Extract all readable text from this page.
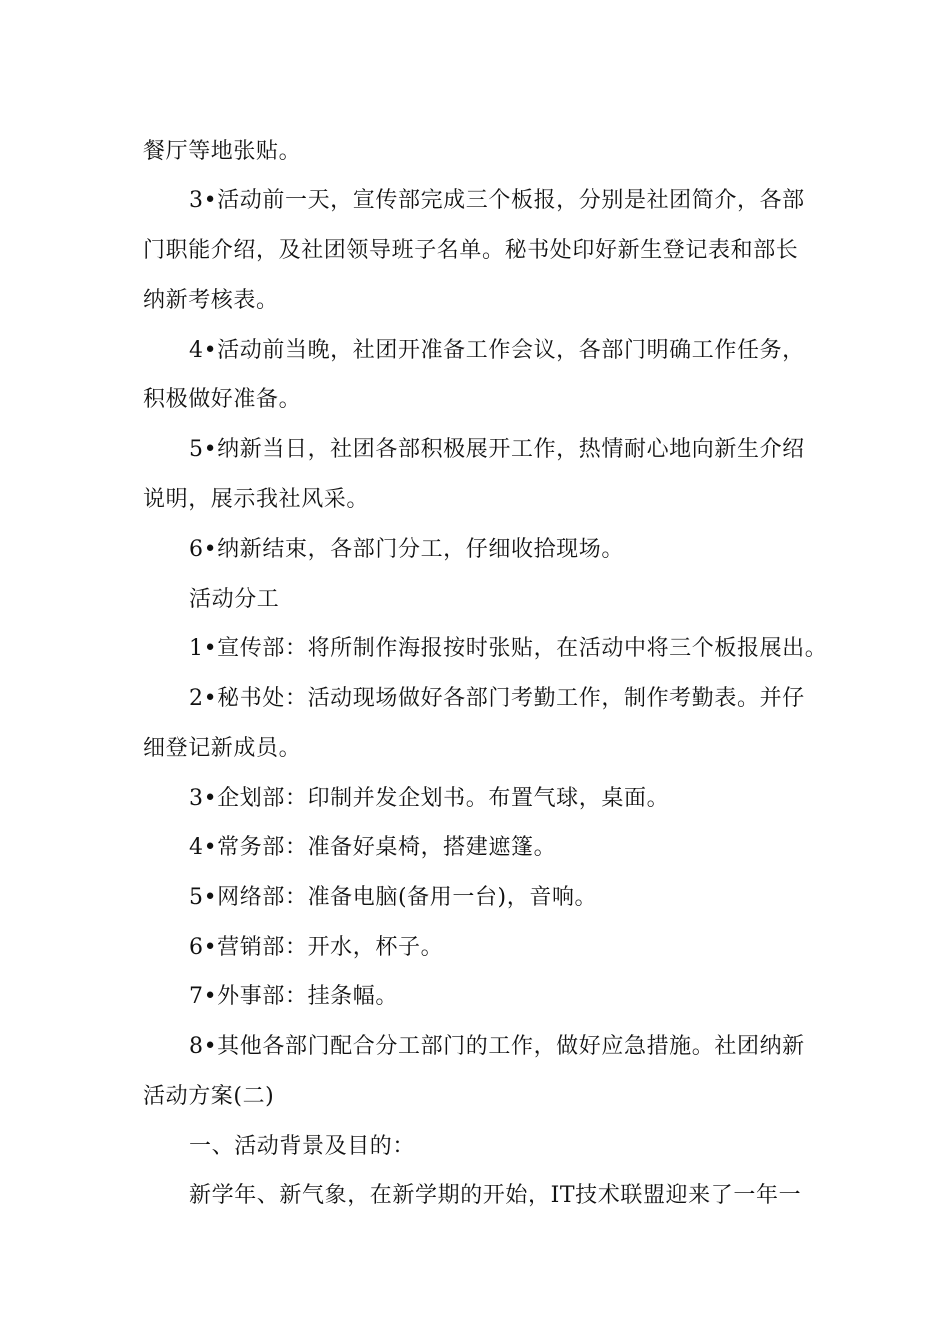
餐厅等地张贴。
3•活动前一天，宣传部完成三个板报，分别是社团简介，各部
门职能介绍，及社团领导班子名单。秘书处印好新生登记表和部长
纳新考核表。
4•活动前当晚，社团开准备工作会议，各部门明确工作任务，
积极做好准备。
5•纳新当日，社团各部积极展开工作，热情耐心地向新生介绍
说明，展示我社风采。
6•纳新结束，各部门分工，仔细收拾现场。
活动分工
1•宣传部：将所制作海报按时张贴，在活动中将三个板报展出。
2•秘书处：活动现场做好各部门考勤工作，制作考勤表。并仔
细登记新成员。
3•企划部：印制并发企划书。布置气球，桌面。
4•常务部：准备好桌椅，搭建遮篷。
5•网络部：准备电脑(备用一台)，音响。
6•营销部：开水，杯子。
7•外事部：挂条幅。
8•其他各部门配合分工部门的工作，做好应急措施。社团纳新
活动方案(二)
一、活动背景及目的：
新学年、新气象，在新学期的开始，IT技术联盟迎来了一年一
